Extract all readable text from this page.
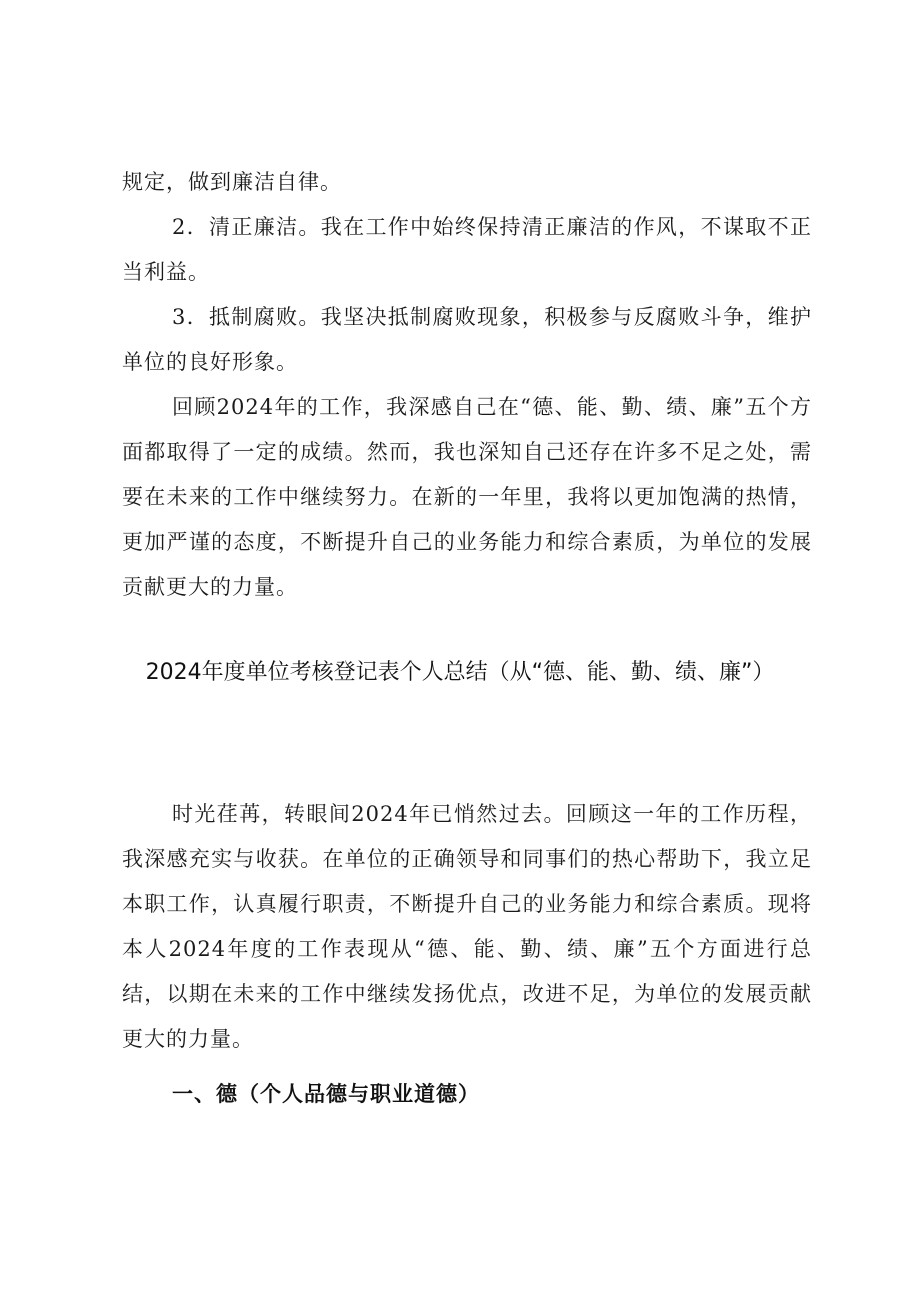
规定，做到廉洁自律。

2．清正廉洁。我在工作中始终保持清正廉洁的作风，不谋取不正当利益。

3．抵制腐败。我坚决抵制腐败现象，积极参与反腐败斗争，维护单位的良好形象。

回顾2024年的工作，我深感自己在“德、能、勤、绩、廉”五个方面都取得了一定的成绩。然而，我也深知自己还存在许多不足之处，需要在未来的工作中继续努力。在新的一年里，我将以更加饱满的热情，更加严谨的态度，不断提升自己的业务能力和综合素质，为单位的发展贡献更大的力量。

2024年度单位考核登记表个人总结（从“德、能、勤、绩、廉”）

时光荏苒，转眼间2024年已悄然过去。回顾这一年的工作历程，我深感充实与收获。在单位的正确领导和同事们的热心帮助下，我立足本职工作，认真履行职责，不断提升自己的业务能力和综合素质。现将本人2024年度的工作表现从“德、能、勤、绩、廉”五个方面进行总结，以期在未来的工作中继续发扬优点，改进不足，为单位的发展贡献更大的力量。

一、德（个人品德与职业道德）
